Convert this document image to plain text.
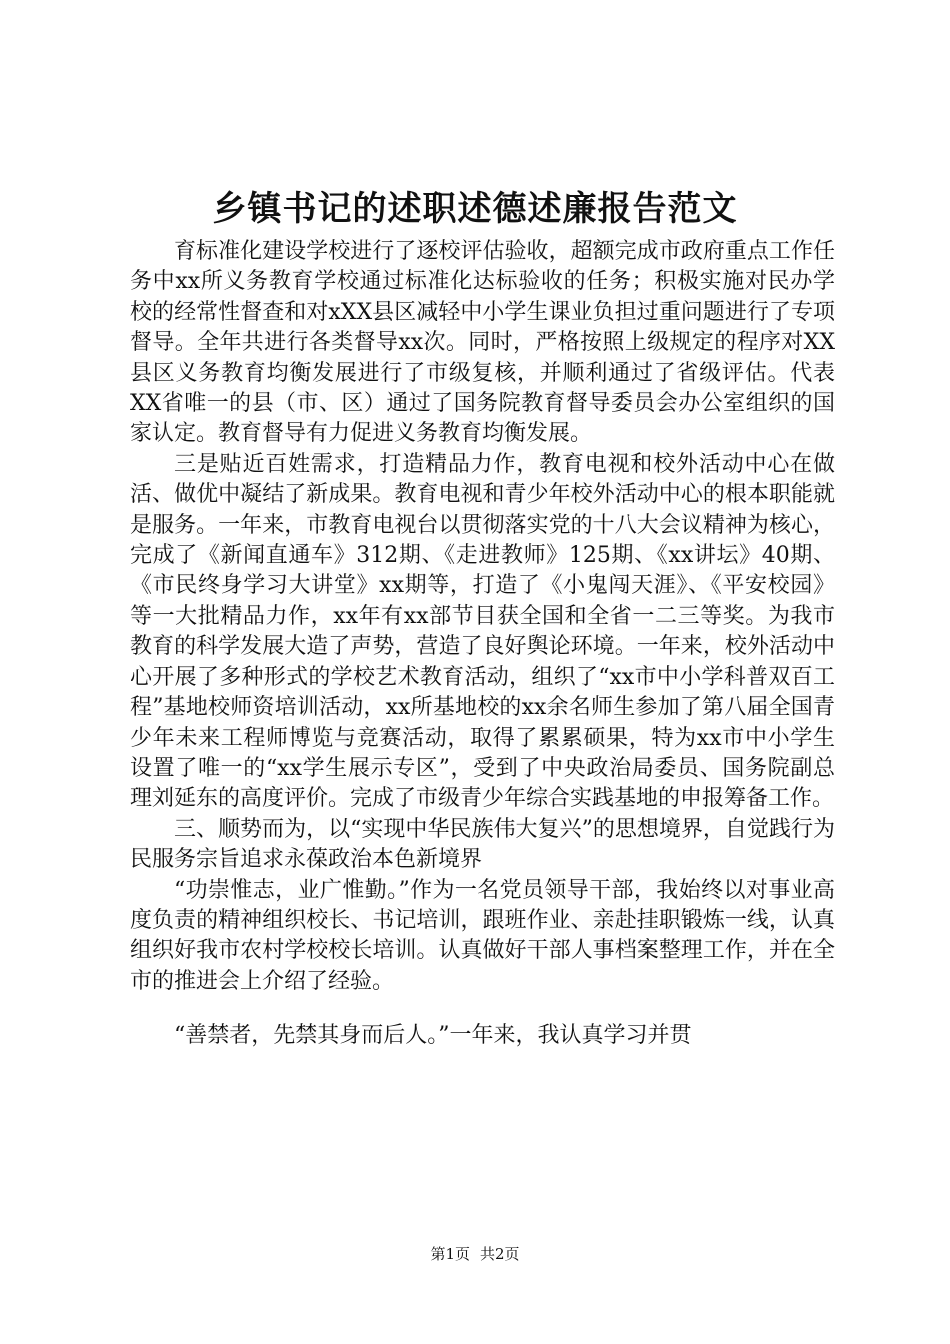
乡镇书记的述职述德述廉报告范文

育标准化建设学校进行了逐校评估验收，超额完成市政府重点工作任务中xx所义务教育学校通过标准化达标验收的任务；积极实施对民办学校的经常性督查和对xXX县区减轻中小学生课业负担过重问题进行了专项督导。全年共进行各类督导xx次。同时，严格按照上级规定的程序对XX县区义务教育均衡发展进行了市级复核，并顺利通过了省级评估。代表XX省唯一的县（市、区）通过了国务院教育督导委员会办公室组织的国家认定。教育督导有力促进义务教育均衡发展。

三是贴近百姓需求，打造精品力作，教育电视和校外活动中心在做活、做优中凝结了新成果。教育电视和青少年校外活动中心的根本职能就是服务。一年来，市教育电视台以贯彻落实党的十八大会议精神为核心，完成了《新闻直通车》312期、《走进教师》125期、《xx讲坛》40期、《市民终身学习大讲堂》xx期等，打造了《小鬼闯天涯》、《平安校园》等一大批精品力作，xx年有xx部节目获全国和全省一二三等奖。为我市教育的科学发展大造了声势，营造了良好舆论环境。一年来，校外活动中心开展了多种形式的学校艺术教育活动，组织了“xx市中小学科普双百工程”基地校师资培训活动，xx所基地校的xx余名师生参加了第八届全国青少年未来工程师博览与竞赛活动，取得了累累硕果，特为xx市中小学生设置了唯一的“xx学生展示专区”，受到了中央政治局委员、国务院副总理刘延东的高度评价。完成了市级青少年综合实践基地的申报筹备工作。

三、顺势而为，以“实现中华民族伟大复兴”的思想境界，自觉践行为民服务宗旨追求永葆政治本色新境界

“功崇惟志，业广惟勤。”作为一名党员领导干部，我始终以对事业高度负责的精神组织校长、书记培训，跟班作业、亲赴挂职锻炼一线，认真组织好我市农村学校校长培训。认真做好干部人事档案整理工作，并在全市的推进会上介绍了经验。

“善禁者，先禁其身而后人。”一年来，我认真学习并贯

第1页 共2页
